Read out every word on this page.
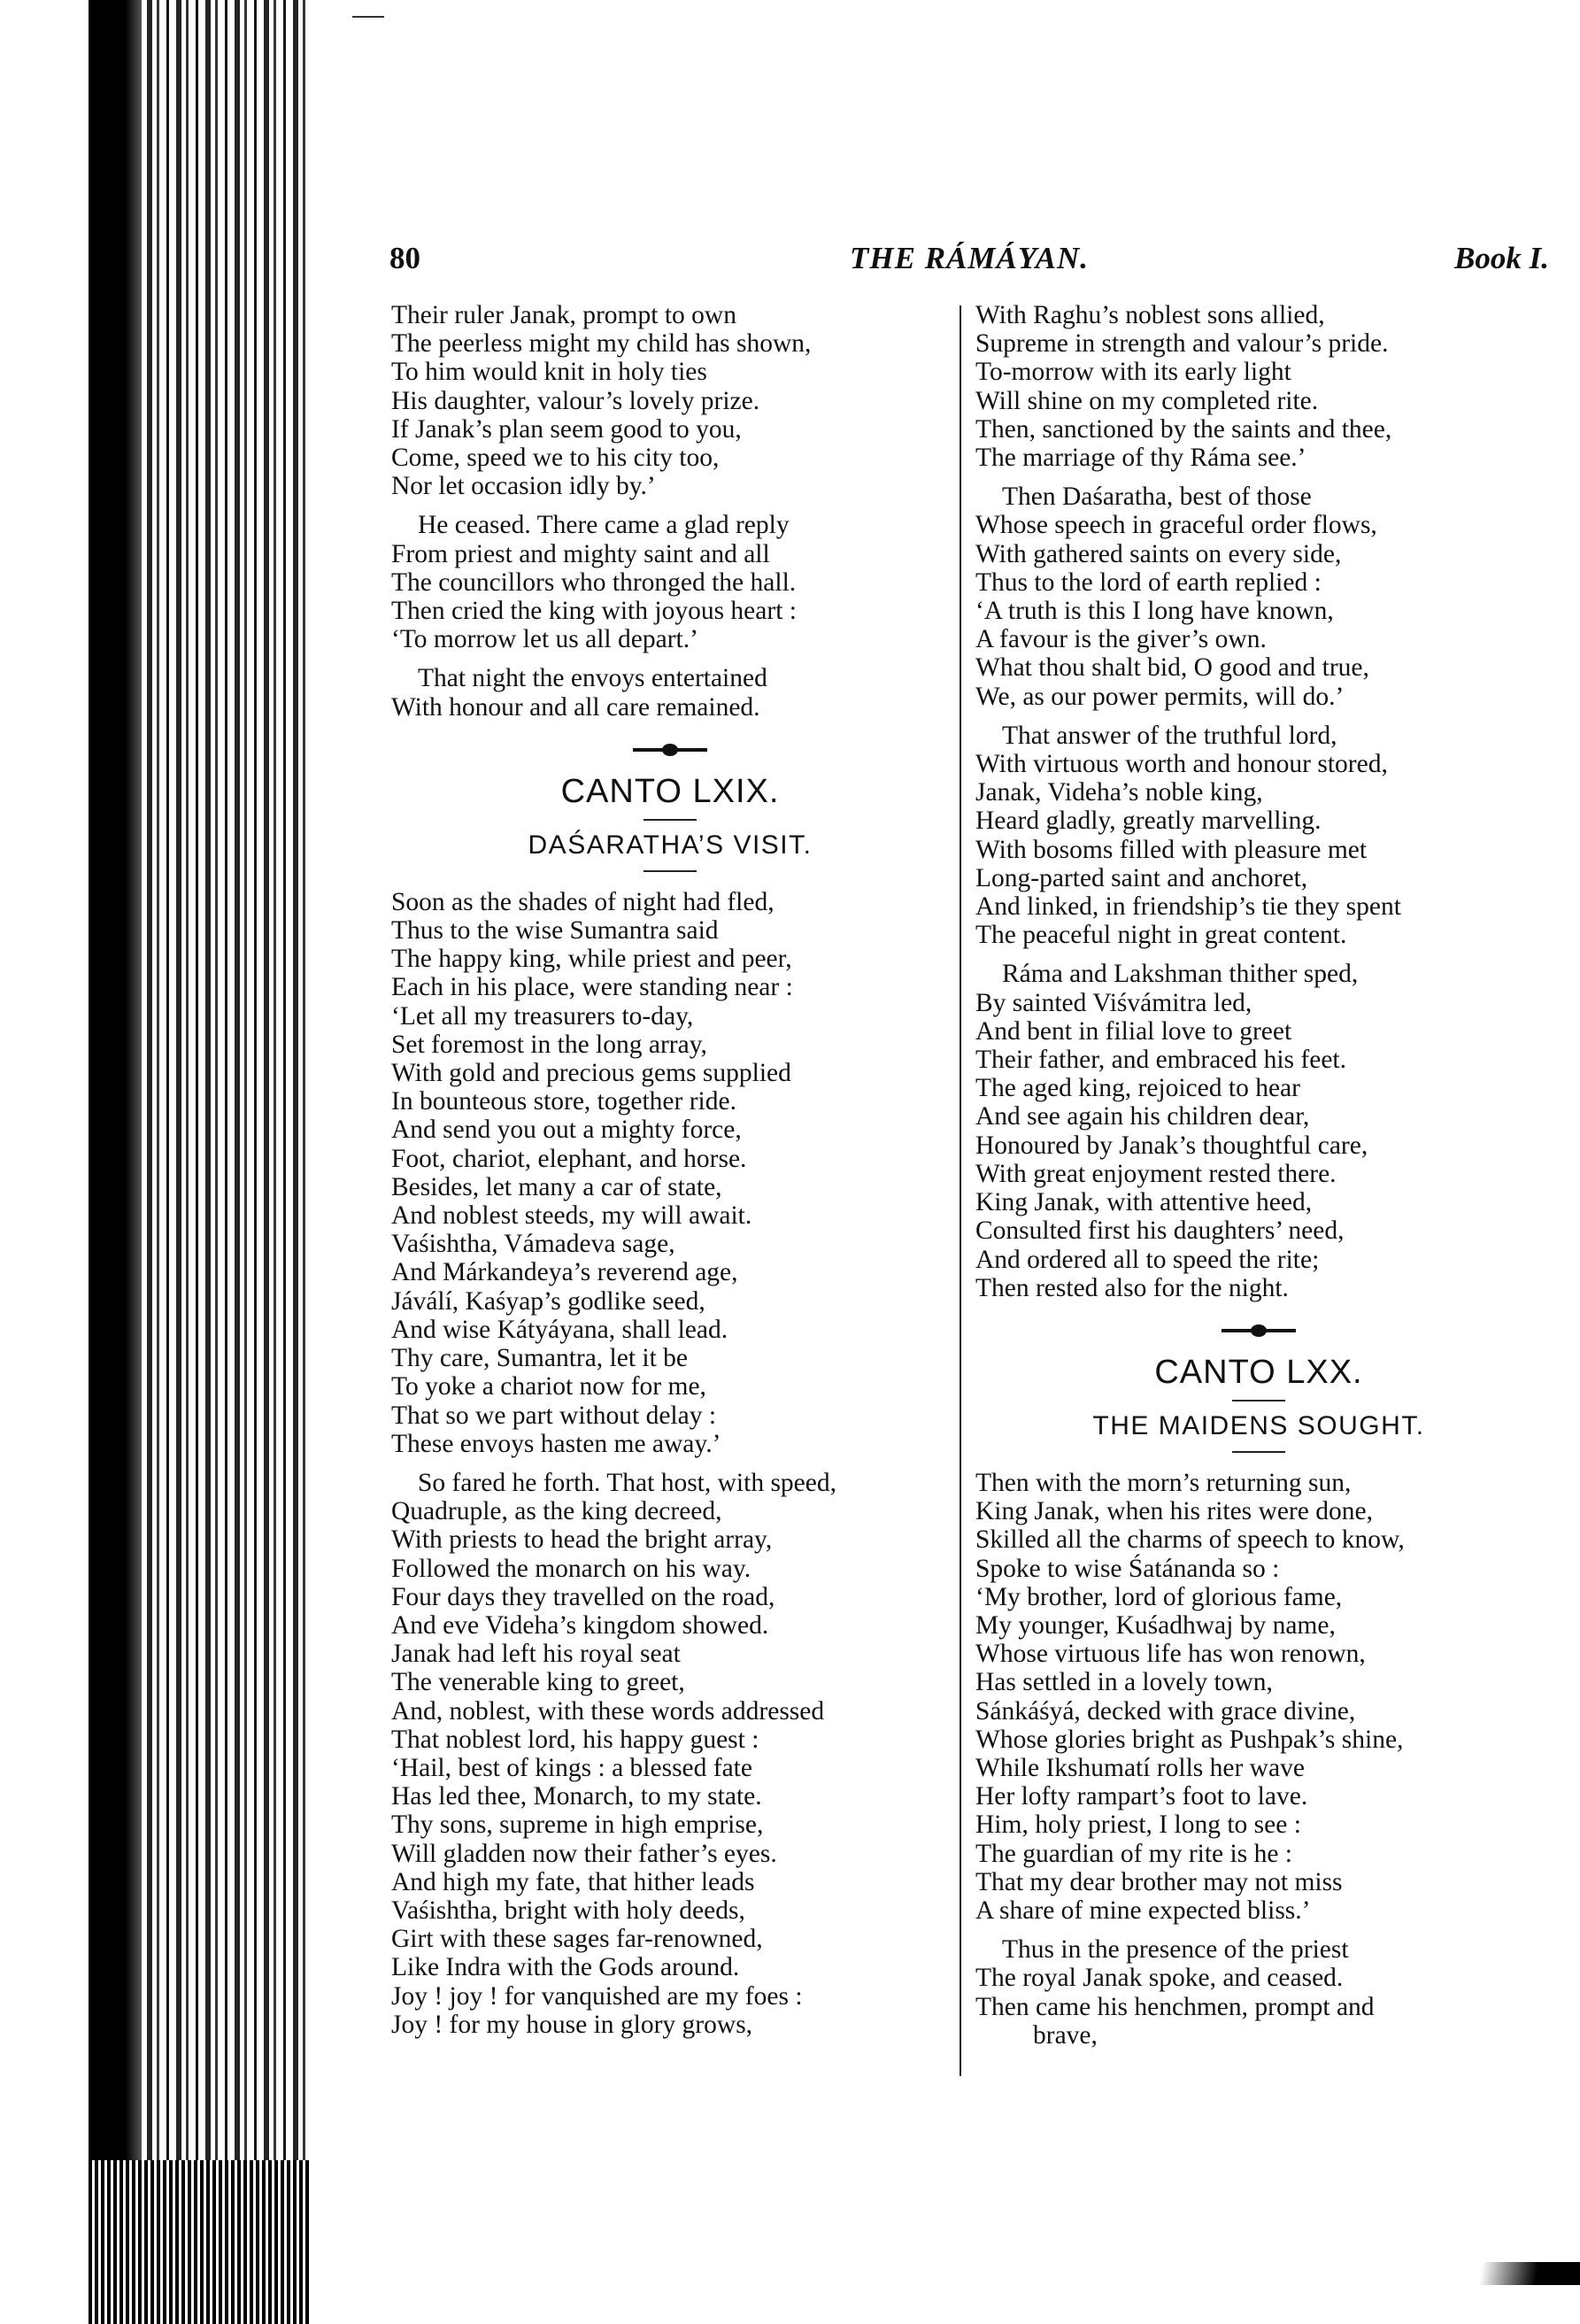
80	THE RÁMÁYAN.	Book I.
Their ruler Janak, prompt to own
The peerless might my child has shown,
To him would knit in holy ties
His daughter, valour’s lovely prize.
If Janak’s plan seem good to you,
Come, speed we to his city too,
Nor let occasion idly by.’
He ceased. There came a glad reply
From priest and mighty saint and all
The councillors who thronged the hall.
Then cried the king with joyous heart :
‘To morrow let us all depart.’
That night the envoys entertained
With honour and all care remained.
CANTO LXIX.
DAŚARATHA’S VISIT.
Soon as the shades of night had fled,
Thus to the wise Sumantra said
The happy king, while priest and peer,
Each in his place, were standing near :
‘Let all my treasurers to-day,
Set foremost in the long array,
With gold and precious gems supplied
In bounteous store, together ride.
And send you out a mighty force,
Foot, chariot, elephant, and horse.
Besides, let many a car of state,
And noblest steeds, my will await.
Vaśishtha, Vámadeva sage,
And Márkandeya’s reverend age,
Jáválí, Kaśyap’s godlike seed,
And wise Kátyáyana, shall lead.
Thy care, Sumantra, let it be
To yoke a chariot now for me,
That so we part without delay :
These envoys hasten me away.’
So fared he forth. That host, with speed,
Quadruple, as the king decreed,
With priests to head the bright array,
Followed the monarch on his way.
Four days they travelled on the road,
And eve Videha’s kingdom showed.
Janak had left his royal seat
The venerable king to greet,
And, noblest, with these words addressed
That noblest lord, his happy guest :
‘Hail, best of kings : a blessed fate
Has led thee, Monarch, to my state.
Thy sons, supreme in high emprise,
Will gladden now their father’s eyes.
And high my fate, that hither leads
Vaśishtha, bright with holy deeds,
Girt with these sages far-renowned,
Like Indra with the Gods around.
Joy ! joy ! for vanquished are my foes :
Joy ! for my house in glory grows,
With Raghu’s noblest sons allied,
Supreme in strength and valour’s pride.
To-morrow with its early light
Will shine on my completed rite.
Then, sanctioned by the saints and thee,
The marriage of thy Ráma see.’
Then Daśaratha, best of those
Whose speech in graceful order flows,
With gathered saints on every side,
Thus to the lord of earth replied :
‘A truth is this I long have known,
A favour is the giver’s own.
What thou shalt bid, O good and true,
We, as our power permits, will do.’
That answer of the truthful lord,
With virtuous worth and honour stored,
Janak, Videha’s noble king,
Heard gladly, greatly marvelling.
With bosoms filled with pleasure met
Long-parted saint and anchoret,
And linked, in friendship’s tie they spent
The peaceful night in great content.
Ráma and Lakshman thither sped,
By sainted Viśvámitra led,
And bent in filial love to greet
Their father, and embraced his feet.
The aged king, rejoiced to hear
And see again his children dear,
Honoured by Janak’s thoughtful care,
With great enjoyment rested there.
King Janak, with attentive heed,
Consulted first his daughters’ need,
And ordered all to speed the rite;
Then rested also for the night.
CANTO LXX.
THE MAIDENS SOUGHT.
Then with the morn’s returning sun,
King Janak, when his rites were done,
Skilled all the charms of speech to know,
Spoke to wise Śatánanda so :
‘My brother, lord of glorious fame,
My younger, Kuśadhwaj by name,
Whose virtuous life has won renown,
Has settled in a lovely town,
Sánkáśyá, decked with grace divine,
Whose glories bright as Pushpak’s shine,
While Ikshumatí rolls her wave
Her lofty rampart’s foot to lave.
Him, holy priest, I long to see :
The guardian of my rite is he :
That my dear brother may not miss
A share of mine expected bliss.’
Thus in the presence of the priest
The royal Janak spoke, and ceased.
Then came his henchmen, prompt and
brave,
